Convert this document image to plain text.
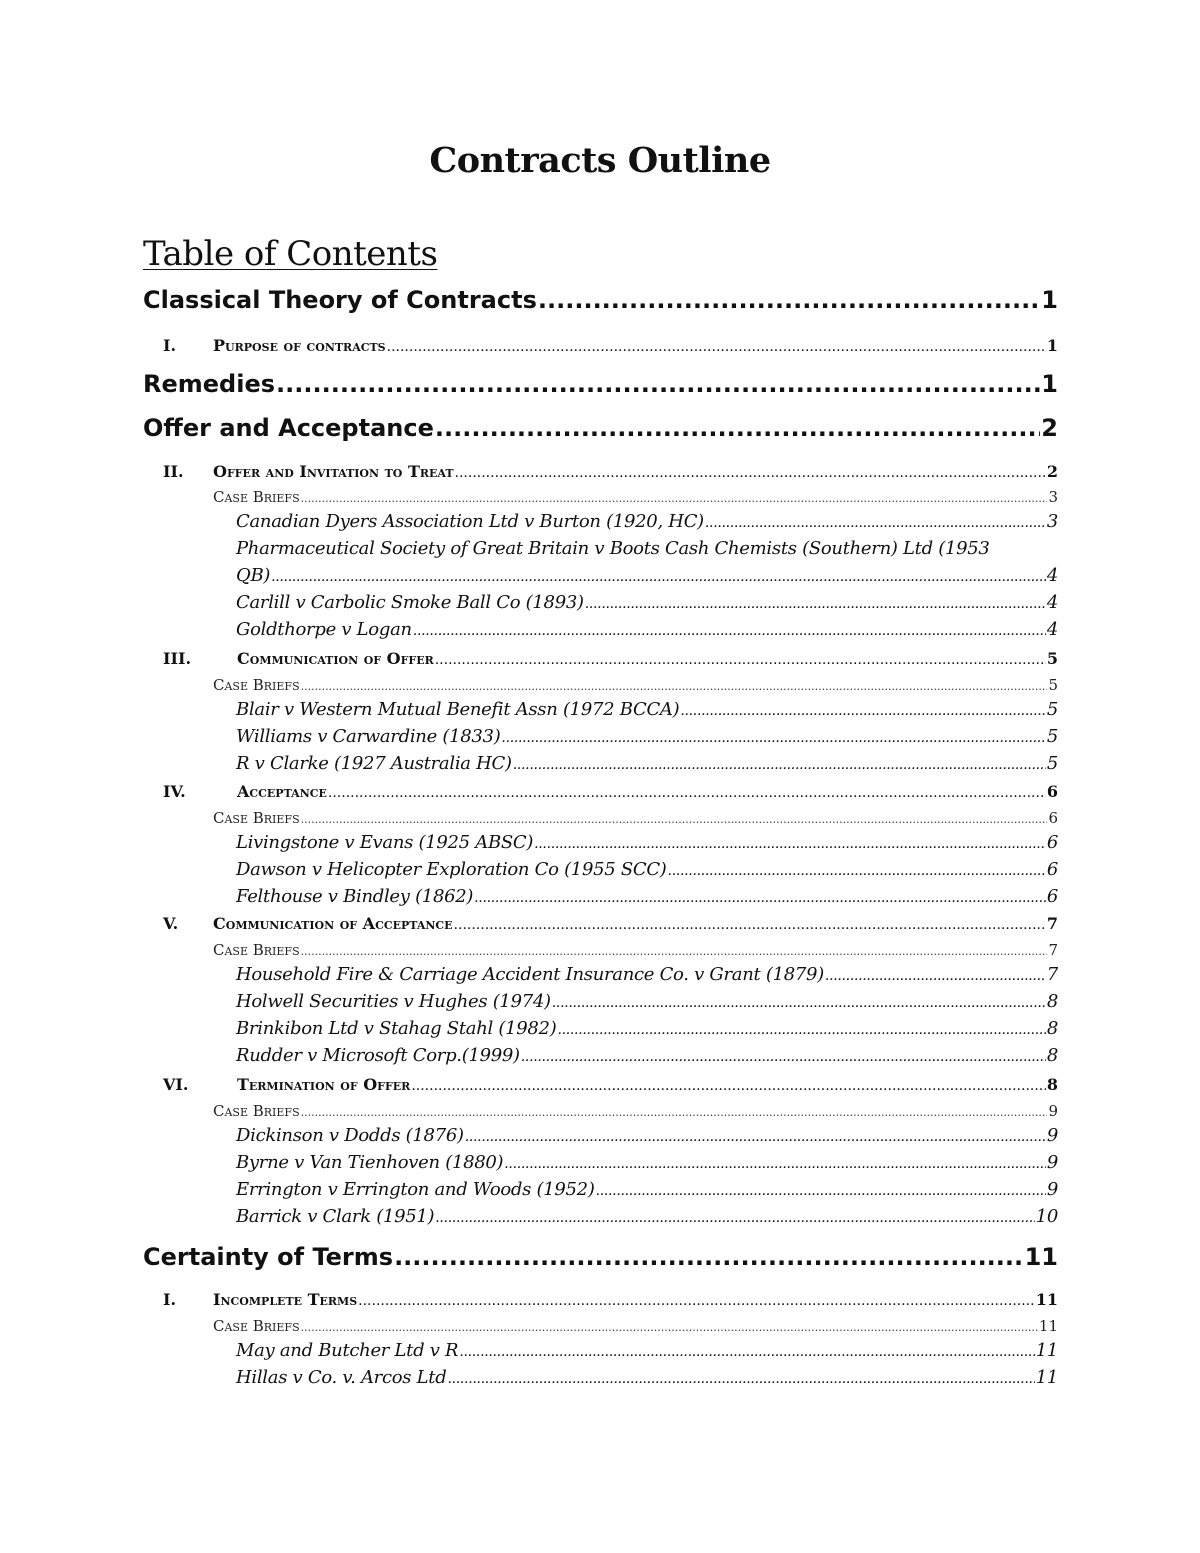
Contracts Outline
Table of Contents
Classical Theory of Contracts .....	1
I.	Purpose of contracts .....	1
Remedies .....	1
Offer and Acceptance .....	2
II.	Offer and Invitation to Treat .....	2
Case Briefs .....	3
Canadian Dyers Association Ltd v Burton (1920, HC) .....	3
Pharmaceutical Society of Great Britain v Boots Cash Chemists (Southern) Ltd (1953
QB) .....	4
Carlill v Carbolic Smoke Ball Co (1893) .....	4
Goldthorpe v Logan .....	4
III.	Communication of Offer .....	5
Case Briefs .....	5
Blair v Western Mutual Benefit Assn (1972 BCCA) .....	5
Williams v Carwardine (1833) .....	5
R v Clarke (1927 Australia HC) .....	5
IV.	Acceptance .....	6
Case Briefs .....	6
Livingstone v Evans (1925 ABSC) .....	6
Dawson v Helicopter Exploration Co (1955 SCC) .....	6
Felthouse v Bindley (1862) .....	6
V.	Communication of Acceptance .....	7
Case Briefs .....	7
Household Fire & Carriage Accident Insurance Co. v Grant (1879) .....	7
Holwell Securities v Hughes (1974) .....	8
Brinkibon Ltd v Stahag Stahl (1982) .....	8
Rudder v Microsoft Corp.(1999) .....	8
VI.	Termination of Offer .....	8
Case Briefs .....	9
Dickinson v Dodds (1876) .....	9
Byrne v Van Tienhoven (1880) .....	9
Errington v Errington and Woods (1952) .....	9
Barrick v Clark (1951) .....	10
Certainty of Terms .....	11
I.	Incomplete Terms .....	11
Case Briefs .....	11
May and Butcher Ltd v R .....	11
Hillas v Co. v. Arcos Ltd .....	11
